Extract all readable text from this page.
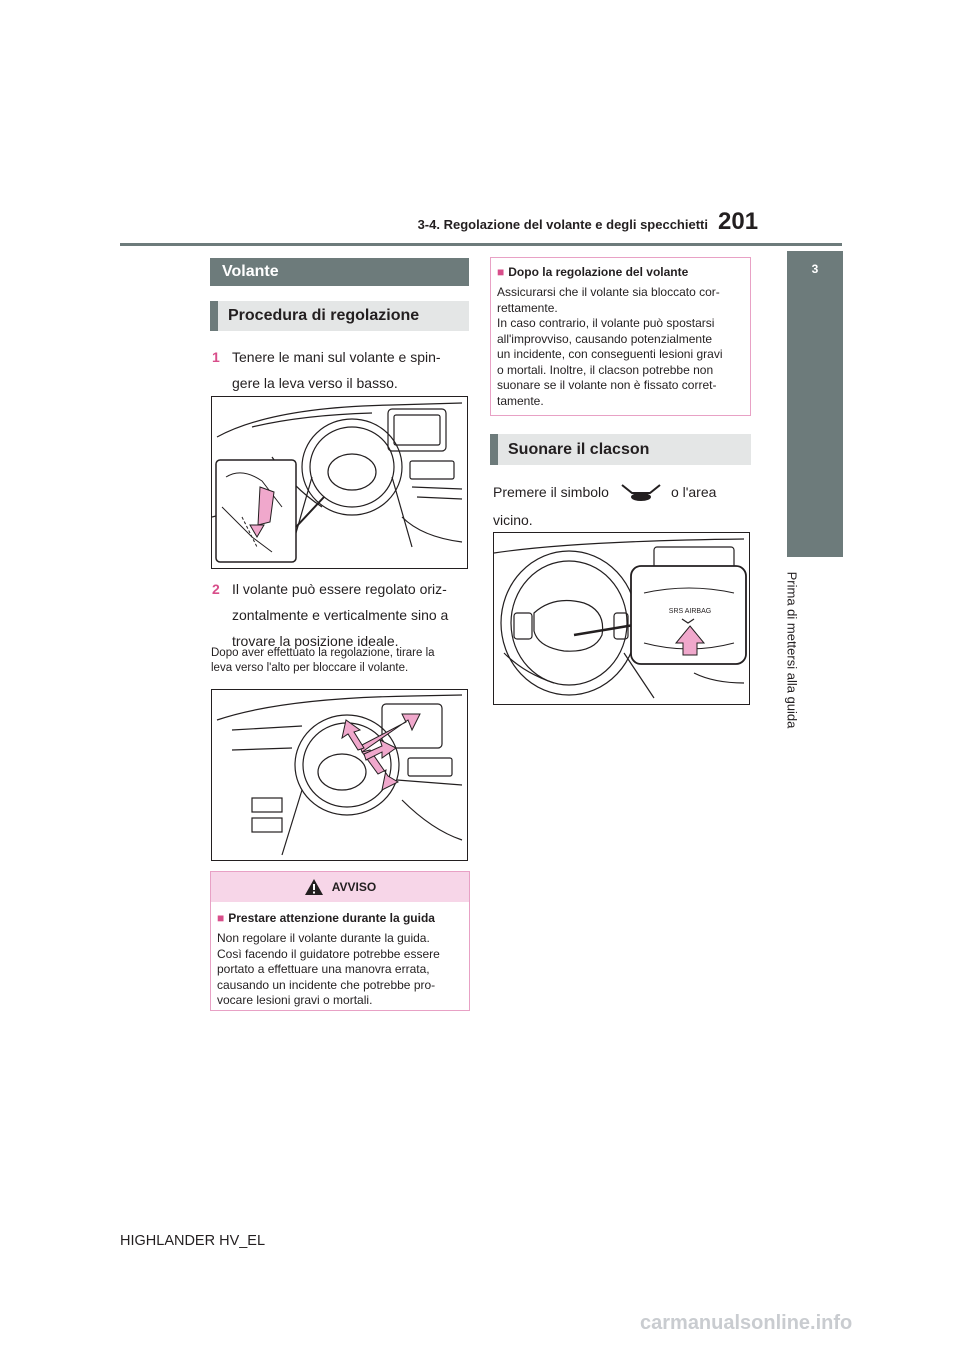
3-4. Regolazione del volante e degli specchietti 201
3
Prima di mettersi alla guida
Volante
Procedura di regolazione
1 Tenere le mani sul volante e spin-
gere la leva verso il basso.
2 Il volante può essere regolato oriz-
zontalmente e verticalmente sino a
trovare la posizione ideale.
Dopo aver effettuato la regolazione, tirare la
leva verso l'alto per bloccare il volante.
AVVISO
■ Prestare attenzione durante la guida
Non regolare il volante durante la guida.
Così facendo il guidatore potrebbe essere
portato a effettuare una manovra errata,
causando un incidente che potrebbe pro-
vocare lesioni gravi o mortali.
■ Dopo la regolazione del volante
Assicurarsi che il volante sia bloccato cor-
rettamente.
In caso contrario, il volante può spostarsi
all'improvviso, causando potenzialmente
un incidente, con conseguenti lesioni gravi
o mortali. Inoltre, il clacson potrebbe non
suonare se il volante non è fissato corret-
tamente.
Suonare il clacson
Premere il simbolo	o l'area
vicino.
SRS AIRBAG
HIGHLANDER HV_EL
carmanualsonline.info
